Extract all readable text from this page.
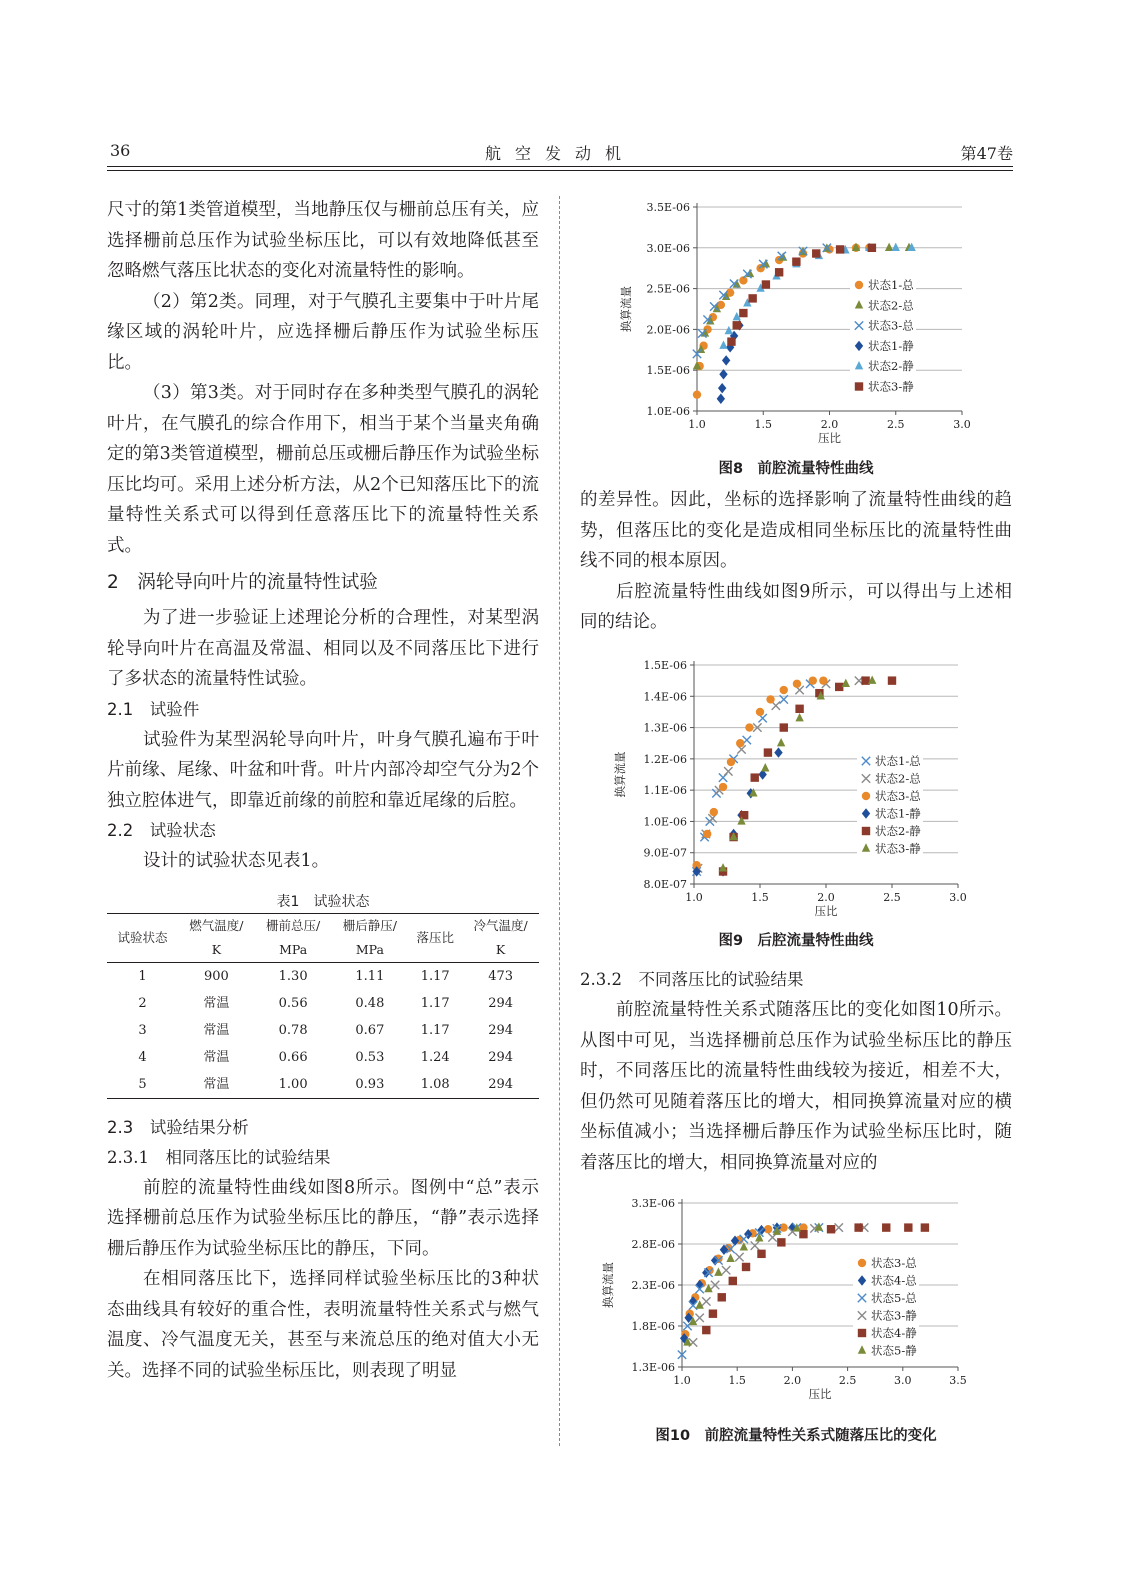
36	航空发动机	第47卷

尺寸的第1类管道模型，当地静压仅与栅前总压有关，应选择栅前总压作为试验坐标压比，可以有效地降低甚至忽略燃气落压比状态的变化对流量特性的影响。

（2）第2类。同理，对于气膜孔主要集中于叶片尾缘区域的涡轮叶片，应选择栅后静压作为试验坐标压比。

（3）第3类。对于同时存在多种类型气膜孔的涡轮叶片，在气膜孔的综合作用下，相当于某个当量夹角确定的第3类管道模型，栅前总压或栅后静压作为试验坐标压比均可。采用上述分析方法，从2个已知落压比下的流量特性关系式可以得到任意落压比下的流量特性关系式。

2　涡轮导向叶片的流量特性试验

为了进一步验证上述理论分析的合理性，对某型涡轮导向叶片在高温及常温、相同以及不同落压比下进行了多状态的流量特性试验。

2.1　试验件

试验件为某型涡轮导向叶片，叶身气膜孔遍布于叶片前缘、尾缘、叶盆和叶背。叶片内部冷却空气分为2个独立腔体进气，即靠近前缘的前腔和靠近尾缘的后腔。

2.2　试验状态

设计的试验状态见表1。

表1　试验状态
试验状态	燃气温度/	栅前总压/	栅后静压/	落压比	冷气温度/
	K	MPa	MPa		K
1	900	1.30	1.11	1.17	473
2	常温	0.56	0.48	1.17	294
3	常温	0.78	0.67	1.17	294
4	常温	0.66	0.53	1.24	294
5	常温	1.00	0.93	1.08	294

2.3　试验结果分析

2.3.1　相同落压比的试验结果

前腔的流量特性曲线如图8所示。图例中“总”表示选择栅前总压作为试验坐标压比的静压，“静”表示选择栅后静压作为试验坐标压比的静压，下同。

在相同落压比下，选择同样试验坐标压比的3种状态曲线具有较好的重合性，表明流量特性关系式与燃气温度、冷气温度无关，甚至与来流总压的绝对值大小无关。选择不同的试验坐标压比，则表现了明显

1.0E-06
1.5E-06
2.0E-06
2.5E-06
3.0E-06
3.5E-06
1.0	1.5	2.0	2.5	3.0
压比
换算流量
状态1-总
状态2-总
状态3-总
状态1-静
状态2-静
状态3-静
图8　前腔流量特性曲线

的差异性。因此，坐标的选择影响了流量特性曲线的趋势，但落压比的变化是造成相同坐标压比的流量特性曲线不同的根本原因。

后腔流量特性曲线如图9所示，可以得出与上述相同的结论。

8.0E-07
9.0E-07
1.0E-06
1.1E-06
1.2E-06
1.3E-06
1.4E-06
1.5E-06
1.0	1.5	2.0	2.5	3.0
压比
换算流量	状态1-总
状态2-总
状态3-总
状态1-静
状态2-静
状态3-静
图9　后腔流量特性曲线

2.3.2　不同落压比的试验结果

前腔流量特性关系式随落压比的变化如图10所示。从图中可见，当选择栅前总压作为试验坐标压比的静压时，不同落压比的流量特性曲线较为接近，相差不大，但仍然可见随着落压比的增大，相同换算流量对应的横坐标值减小；当选择栅后静压作为试验坐标压比时，随着落压比的增大，相同换算流量对应的

1.3E-06
1.8E-06
2.3E-06
2.8E-06
3.3E-06
1.0	1.5	2.0	2.5	3.0	3.5
压比
换算流量	状态3-总
状态4-总
状态5-总
状态3-静
状态4-静
状态5-静
图10　前腔流量特性关系式随落压比的变化
